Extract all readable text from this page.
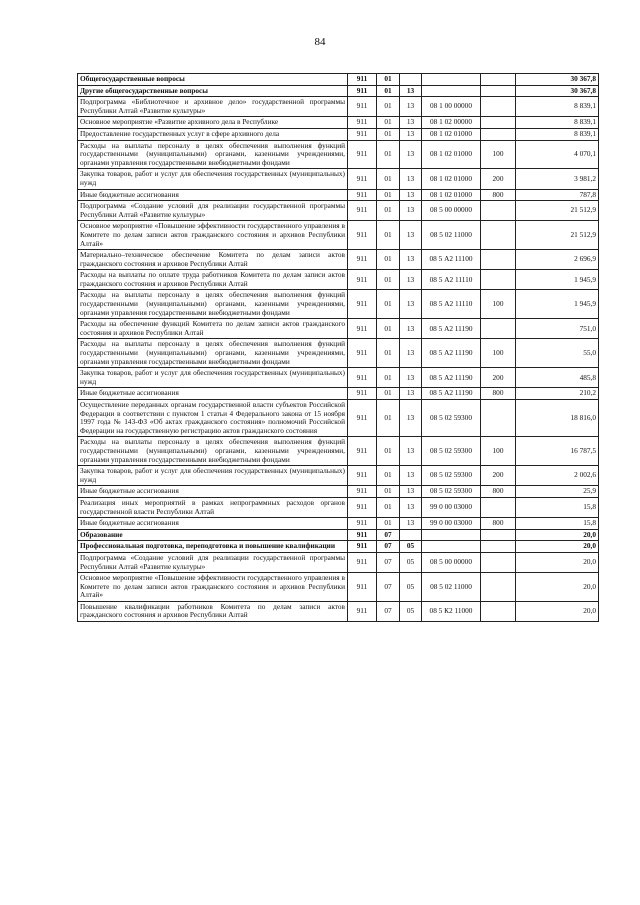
84
Общегосударственные вопросы	911	01				30 367,8
Другие общегосударственные вопросы	911	01	13			30 367,8
Подпрограмма «Библиотечное и архивное дело» государственной программы Республики Алтай «Развитие культуры»	911	01	13	08 1 00 00000		8 839,1
Основное мероприятие «Развитие архивного дела в Республике	911	01	13	08 1 02 00000		8 839,1
Предоставление государственных услуг в сфере архивного дела	911	01	13	08 1 02 01000		8 839,1
Расходы на выплаты персоналу в целях обеспечения выполнения функций государственными (муниципальными) органами, казенными учреждениями, органами управления государственными внебюджетными фондами	911	01	13	08 1 02 01000	100	4 070,1
Закупка товаров, работ и услуг для обеспечения государственных (муниципальных) нужд	911	01	13	08 1 02 01000	200	3 981,2
Иные бюджетные ассигнования	911	01	13	08 1 02 01000	800	787,8
Подпрограмма «Создание условий для реализации государственной программы Республики Алтай «Развитие культуры»	911	01	13	08 5 00 00000		21 512,9
Основное мероприятие «Повышение эффективности государственного управления в Комитете по делам записи актов гражданского состояния и архивов Республики Алтай»	911	01	13	08 5 02 11000		21 512,9
Материально–техническое обеспечение Комитета по делам записи актов гражданского состояния и архивов Республики Алтай	911	01	13	08 5 А2 11100		2 696,9
Расходы на выплаты по оплате труда работников Комитета по делам записи актов гражданского состояния и архивов Республики Алтай	911	01	13	08 5 А2 11110		1 945,9
Расходы на выплаты персоналу в целях обеспечения выполнения функций государственными (муниципальными) органами, казенными учреждениями, органами управления государственными внебюджетными фондами	911	01	13	08 5 А2 11110	100	1 945,9
Расходы на обеспечение функций Комитета по делам записи актов гражданского состояния и архивов Республики Алтай	911	01	13	08 5 А2 11190		751,0
Расходы на выплаты персоналу в целях обеспечения выполнения функций государственными (муниципальными) органами, казенными учреждениями, органами управления государственными внебюджетными фондами	911	01	13	08 5 А2 11190	100	55,0
Закупка товаров, работ и услуг для обеспечения государственных (муниципальных) нужд	911	01	13	08 5 А2 11190	200	485,8
Иные бюджетные ассигнования	911	01	13	08 5 А2 11190	800	210,2
Осуществление переданных органам государственной власти субъектов Российской Федерации в соответствии с пунктом 1 статьи 4 Федерального закона от 15 ноября 1997 года № 143-ФЗ «Об актах гражданского состояния» полномочий Российской Федерации на государственную регистрацию актов гражданского состояния	911	01	13	08 5 02 59300		18 816,0
Расходы на выплаты персоналу в целях обеспечения выполнения функций государственными (муниципальными) органами, казенными учреждениями, органами управления государственными внебюджетными фондами	911	01	13	08 5 02 59300	100	16 787,5
Закупка товаров, работ и услуг для обеспечения государственных (муниципальных) нужд	911	01	13	08 5 02 59300	200	2 002,6
Иные бюджетные ассигнования	911	01	13	08 5 02 59300	800	25,9
Реализация иных мероприятий в рамках непрограммных расходов органов государственной власти Республики Алтай	911	01	13	99 0 00 03000		15,8
Иные бюджетные ассигнования	911	01	13	99 0 00 03000	800	15,8
Образование	911	07				20,0
Профессиональная подготовка, переподготовка и повышение квалификации	911	07	05			20,0
Подпрограмма «Создание условий для реализации государственной программы Республики Алтай «Развитие культуры»	911	07	05	08 5 00 00000		20,0
Основное мероприятие «Повышение эффективности государственного управления в Комитете по делам записи актов гражданского состояния и архивов Республики Алтай»	911	07	05	08 5 02 11000		20,0
Повышение квалификации работников Комитета по делам записи актов гражданского состояния и архивов Республики Алтай	911	07	05	08 5 К2 11000		20,0
